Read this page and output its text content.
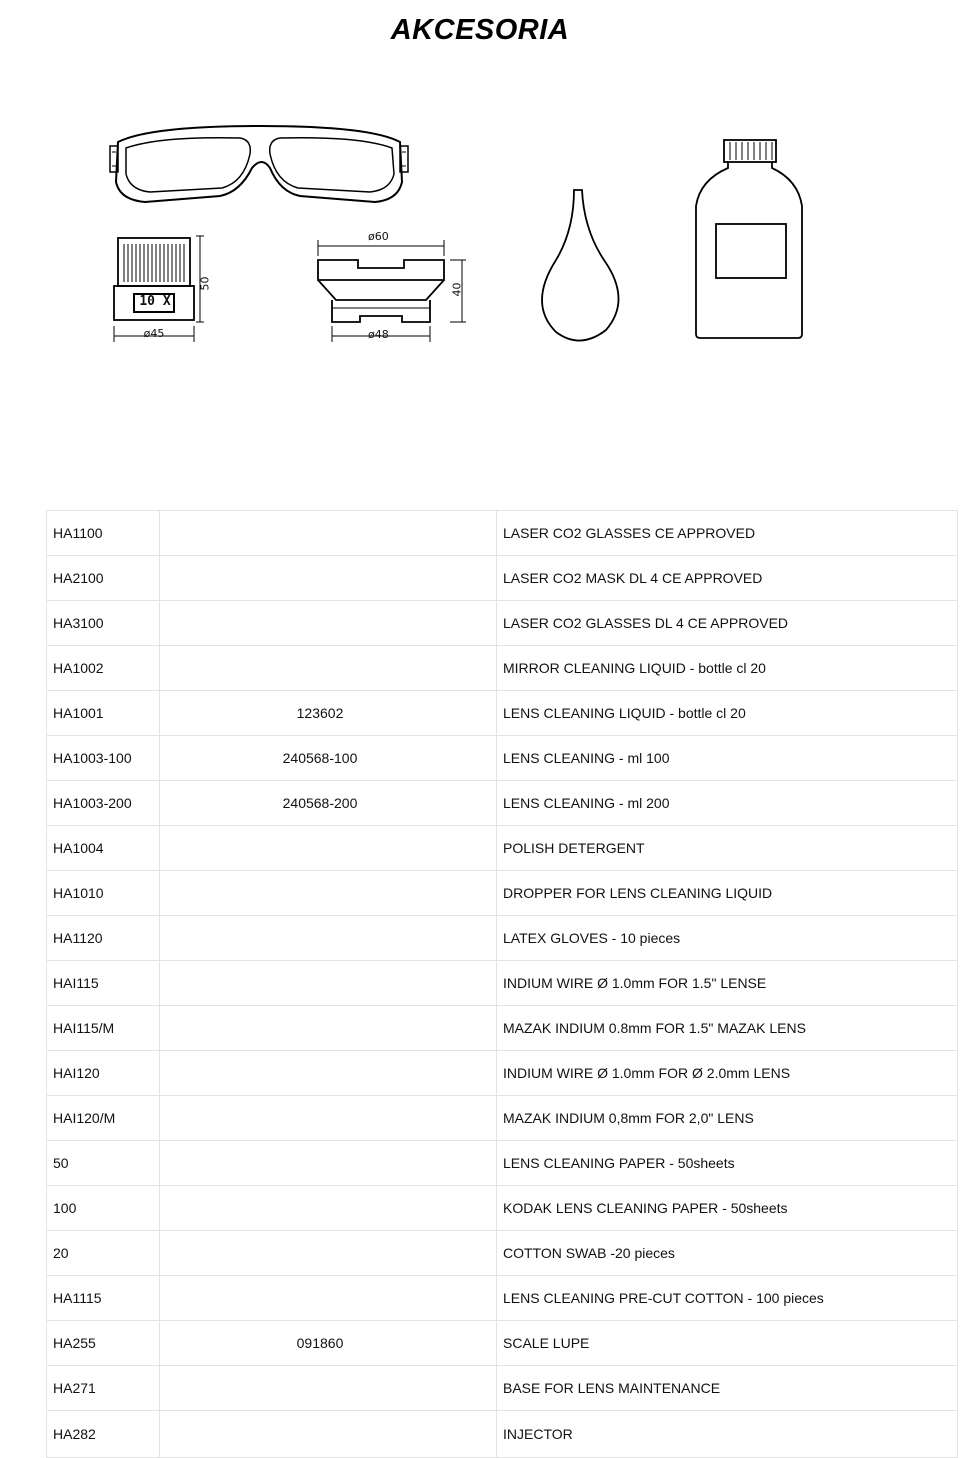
AKCESORIA
10 X
ø45
50
ø60
ø48
40
HA1100		LASER CO2 GLASSES CE APPROVED
HA2100		LASER CO2 MASK DL 4 CE APPROVED
HA3100		LASER CO2 GLASSES DL 4 CE APPROVED
HA1002		MIRROR CLEANING LIQUID - bottle cl 20
HA1001	123602	LENS CLEANING LIQUID - bottle cl 20
HA1003-100	240568-100	LENS CLEANING - ml 100
HA1003-200	240568-200	LENS CLEANING - ml 200
HA1004		POLISH DETERGENT
HA1010		DROPPER FOR LENS CLEANING LIQUID
HA1120		LATEX GLOVES - 10 pieces
HAI115		INDIUM WIRE Ø 1.0mm FOR 1.5" LENSE
HAI115/M		MAZAK INDIUM 0.8mm FOR 1.5" MAZAK LENS
HAI120		INDIUM WIRE Ø 1.0mm FOR Ø 2.0mm LENS
HAI120/M		MAZAK INDIUM 0,8mm FOR 2,0" LENS
50		LENS CLEANING PAPER - 50sheets
100		KODAK LENS CLEANING PAPER - 50sheets
20		COTTON SWAB -20 pieces
HA1115		LENS CLEANING PRE-CUT COTTON - 100 pieces
HA255	091860	SCALE LUPE
HA271		BASE FOR LENS MAINTENANCE
HA282		INJECTOR
